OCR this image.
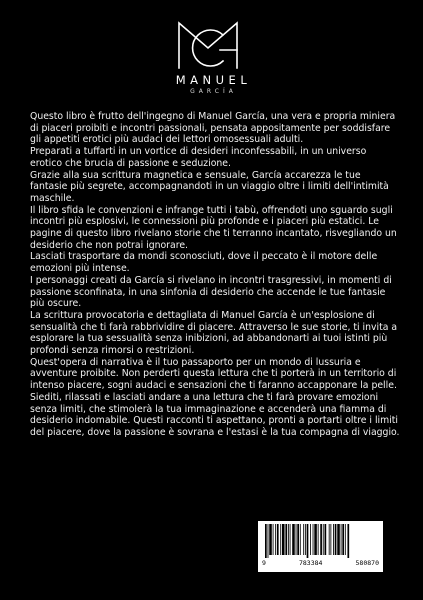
MANUEL
GARCÍA

Questo libro è frutto dell'ingegno di Manuel García, una vera e propria miniera di piaceri proibiti e incontri passionali, pensata appositamente per soddisfare gli appetiti erotici più audaci dei lettori omosessuali adulti.

Preparati a tuffarti in un vortice di desideri inconfessabili, in un universo erotico che brucia di passione e seduzione.

Grazie alla sua scrittura magnetica e sensuale, García accarezza le tue fantasie più segrete, accompagnandoti in un viaggio oltre i limiti dell'intimità maschile.

Il libro sfida le convenzioni e infrange tutti i tabù, offrendoti uno sguardo sugli incontri più esplosivi, le connessioni più profonde e i piaceri più estatici. Le pagine di questo libro rivelano storie che ti terranno incantato, risvegliando un desiderio che non potrai ignorare.

Lasciati trasportare da mondi sconosciuti, dove il peccato è il motore delle emozioni più intense.

I personaggi creati da García si rivelano in incontri trasgressivi, in momenti di passione sconfinata, in una sinfonia di desiderio che accende le tue fantasie più oscure.

La scrittura provocatoria e dettagliata di Manuel García è un'esplosione di sensualità che ti farà rabbrividire di piacere. Attraverso le sue storie, ti invita a esplorare la tua sessualità senza inibizioni, ad abbandonarti ai tuoi istinti più profondi senza rimorsi o restrizioni.

Quest'opera di narrativa è il tuo passaporto per un mondo di lussuria e avventure proibite. Non perderti questa lettura che ti porterà in un territorio di intenso piacere, sogni audaci e sensazioni che ti faranno accapponare la pelle.

Siediti, rilassati e lasciati andare a una lettura che ti farà provare emozioni senza limiti, che stimolerà la tua immaginazione e accenderà una fiamma di desiderio indomabile. Questi racconti ti aspettano, pronti a portarti oltre i limiti del piacere, dove la passione è sovrana e l'estasi è la tua compagna di viaggio.

9	783384	580870
